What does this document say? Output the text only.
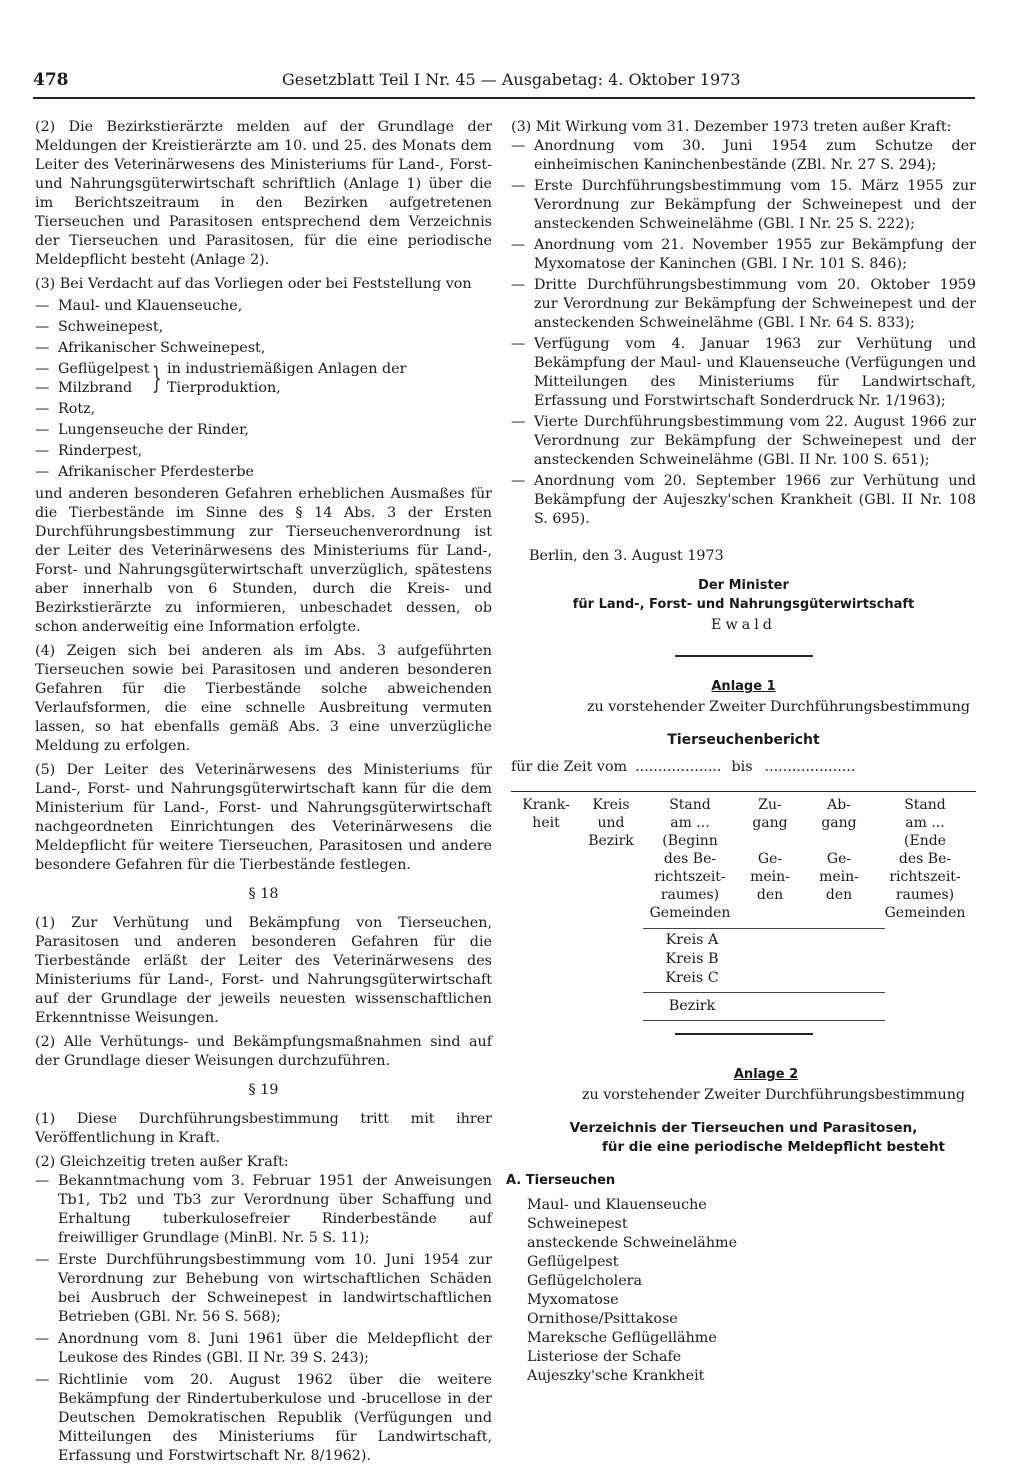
478	Gesetzblatt Teil I Nr. 45 — Ausgabetag: 4. Oktober 1973

(2) Die Bezirkstierärzte melden auf der Grundlage der Meldungen der Kreistierärzte am 10. und 25. des Monats dem Leiter des Veterinärwesens des Ministeriums für Land-, Forst- und Nahrungsgüterwirtschaft schriftlich (Anlage 1) über die im Berichtszeitraum in den Bezirken aufgetretenen Tierseuchen und Parasitosen entsprechend dem Verzeichnis der Tierseuchen und Parasitosen, für die eine periodische Meldepflicht besteht (Anlage 2).

(3) Bei Verdacht auf das Vorliegen oder bei Feststellung von

— Maul- und Klauenseuche,
— Schweinepest,
— Afrikanischer Schweinepest,
— Geflügelpest
— Milzbrand } in industriemäßigen Anlagen der
Tierproduktion,
— Rotz,
— Lungenseuche der Rinder,
— Rinderpest,
— Afrikanischer Pferdesterbe

und anderen besonderen Gefahren erheblichen Ausmaßes für die Tierbestände im Sinne des § 14 Abs. 3 der Ersten Durchführungsbestimmung zur Tierseuchenverordnung ist der Leiter des Veterinärwesens des Ministeriums für Land-, Forst- und Nahrungsgüterwirtschaft unverzüglich, spätestens aber innerhalb von 6 Stunden, durch die Kreis- und Bezirkstierärzte zu informieren, unbeschadet dessen, ob schon anderweitig eine Information erfolgte.

(4) Zeigen sich bei anderen als im Abs. 3 aufgeführten Tierseuchen sowie bei Parasitosen und anderen besonderen Gefahren für die Tierbestände solche abweichenden Verlaufsformen, die eine schnelle Ausbreitung vermuten lassen, so hat ebenfalls gemäß Abs. 3 eine unverzügliche Meldung zu erfolgen.

(5) Der Leiter des Veterinärwesens des Ministeriums für Land-, Forst- und Nahrungsgüterwirtschaft kann für die dem Ministerium für Land-, Forst- und Nahrungsgüterwirtschaft nachgeordneten Einrichtungen des Veterinärwesens die Meldepflicht für weitere Tierseuchen, Parasitosen und andere besondere Gefahren für die Tierbestände festlegen.

§ 18

(1) Zur Verhütung und Bekämpfung von Tierseuchen, Parasitosen und anderen besonderen Gefahren für die Tierbestände erläßt der Leiter des Veterinärwesens des Ministeriums für Land-, Forst- und Nahrungsgüterwirtschaft auf der Grundlage der jeweils neuesten wissenschaftlichen Erkenntnisse Weisungen.

(2) Alle Verhütungs- und Bekämpfungsmaßnahmen sind auf der Grundlage dieser Weisungen durchzuführen.

§ 19

(1) Diese Durchführungsbestimmung tritt mit ihrer Veröffentlichung in Kraft.

(2) Gleichzeitig treten außer Kraft:

— Bekanntmachung vom 3. Februar 1951 der Anweisungen Tb1, Tb2 und Tb3 zur Verordnung über Schaffung und Erhaltung tuberkulosefreier Rinderbestände auf freiwilliger Grundlage (MinBl. Nr. 5 S. 11);
— Erste Durchführungsbestimmung vom 10. Juni 1954 zur Verordnung zur Behebung von wirtschaftlichen Schäden bei Ausbruch der Schweinepest in landwirtschaftlichen Betrieben (GBl. Nr. 56 S. 568);
— Anordnung vom 8. Juni 1961 über die Meldepflicht der Leukose des Rindes (GBl. II Nr. 39 S. 243);
— Richtlinie vom 20. August 1962 über die weitere Bekämpfung der Rindertuberkulose und -brucellose in der Deutschen Demokratischen Republik (Verfügungen und Mitteilungen des Ministeriums für Landwirtschaft, Erfassung und Forstwirtschaft Nr. 8/1962).

(3) Mit Wirkung vom 31. Dezember 1973 treten außer Kraft:

— Anordnung vom 30. Juni 1954 zum Schutze der einheimischen Kaninchenbestände (ZBl. Nr. 27 S. 294);
— Erste Durchführungsbestimmung vom 15. März 1955 zur Verordnung zur Bekämpfung der Schweinepest und der ansteckenden Schweinelähme (GBl. I Nr. 25 S. 222);
— Anordnung vom 21. November 1955 zur Bekämpfung der Myxomatose der Kaninchen (GBl. I Nr. 101 S. 846);
— Dritte Durchführungsbestimmung vom 20. Oktober 1959 zur Verordnung zur Bekämpfung der Schweinepest und der ansteckenden Schweinelähme (GBl. I Nr. 64 S. 833);
— Verfügung vom 4. Januar 1963 zur Verhütung und Bekämpfung der Maul- und Klauenseuche (Verfügungen und Mitteilungen des Ministeriums für Landwirtschaft, Erfassung und Forstwirtschaft Sonderdruck Nr. 1/1963);
— Vierte Durchführungsbestimmung vom 22. August 1966 zur Verordnung zur Bekämpfung der Schweinepest und der ansteckenden Schweinelähme (GBl. II Nr. 100 S. 651);
— Anordnung vom 20. September 1966 zur Verhütung und Bekämpfung der Aujeszky'schen Krankheit (GBl. II Nr. 108 S. 695).
Berlin, den 3. August 1973
Der Minister
für Land-, Forst- und Nahrungsgüterwirtschaft
Ewald
Anlage 1
zu vorstehender Zweiter Durchführungsbestimmung
Tierseuchenbericht
für die Zeit vom ................... bis ....................
Krank-
heit
Kreis
und
Bezirk
Stand
am ...
(Beginn
des Be-
richtszeit-
raumes)
Gemeinden
Zu-
gang

Ge-
mein-
den
Ab-
gang

Ge-
mein-
den
Stand
am ...
(Ende
des Be-
richtszeit-
raumes)
Gemeinden
Kreis A
Kreis B
Kreis C
Bezirk
Anlage 2
zu vorstehender Zweiter Durchführungsbestimmung
Verzeichnis der Tierseuchen und Parasitosen,
für die eine periodische Meldepflicht besteht
A. Tierseuchen
Maul- und Klauenseuche
Schweinepest
ansteckende Schweinelähme
Geflügelpest
Geflügelcholera
Myxomatose
Ornithose/Psittakose
Mareksche Geflügellähme
Listeriose der Schafe
Aujeszky'sche Krankheit
